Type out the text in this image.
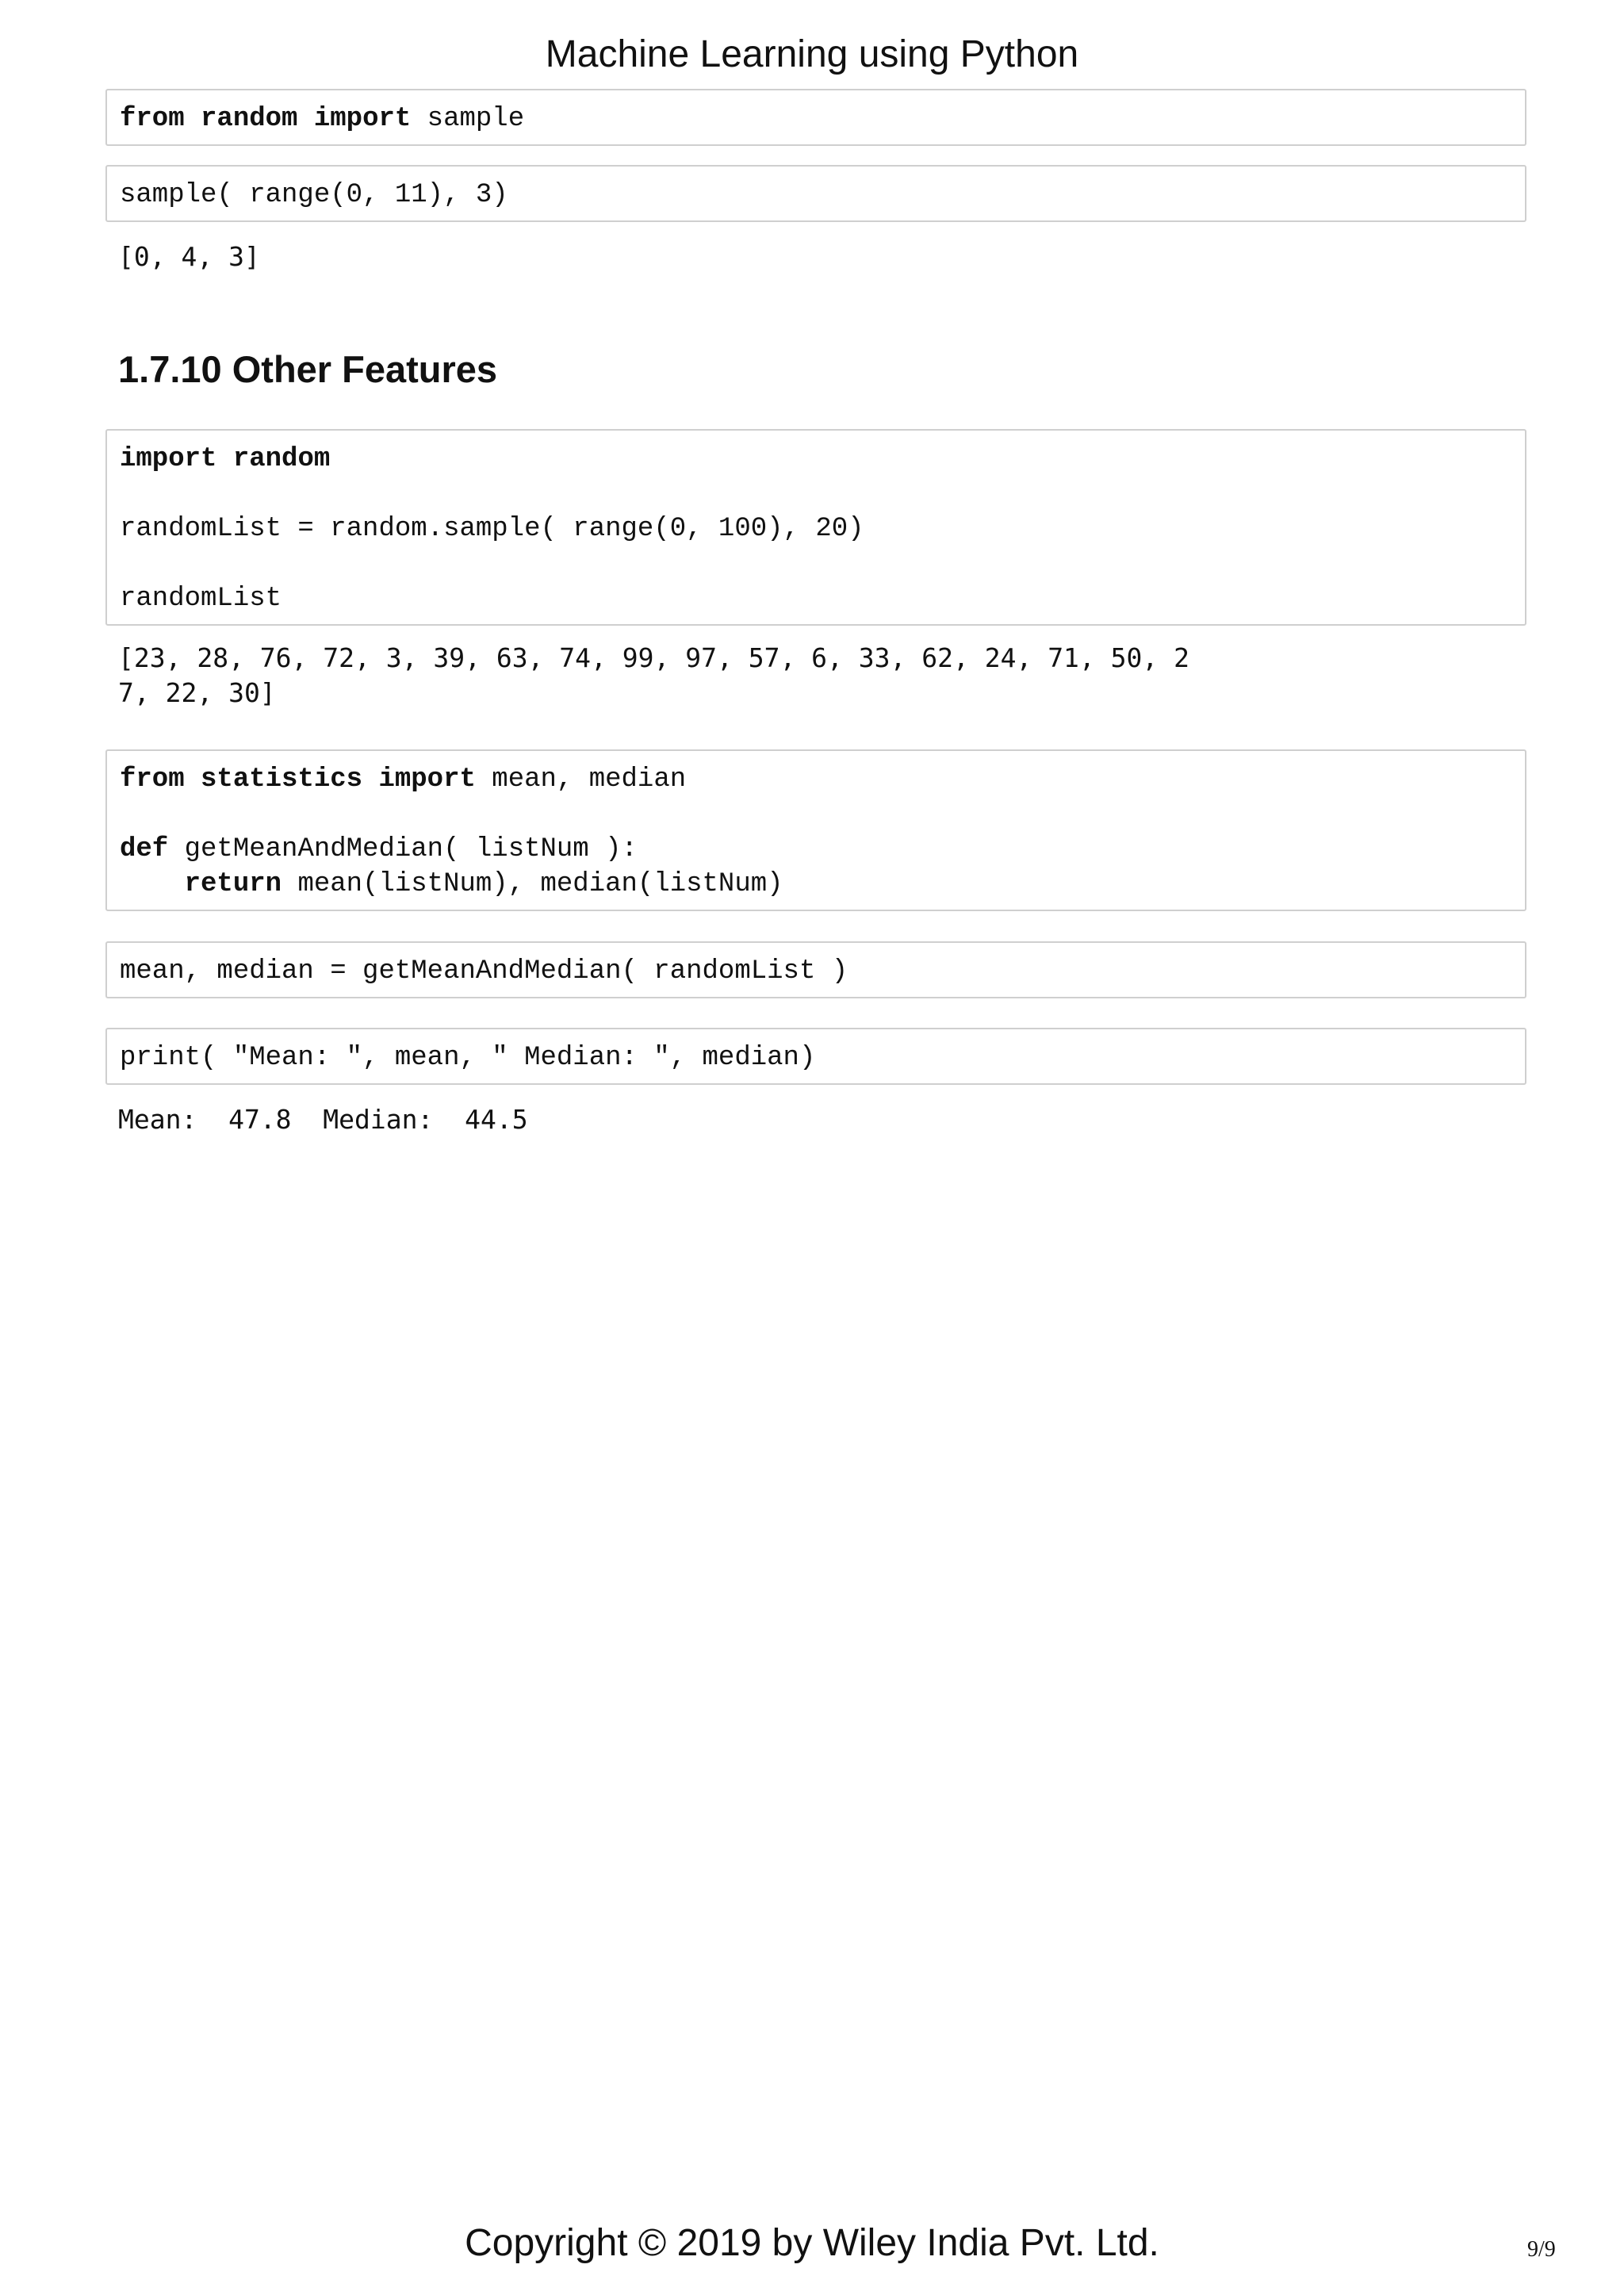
Machine Learning using Python
from random import sample
sample( range(0, 11), 3)
[0, 4, 3]
1.7.10 Other Features
import random

randomList = random.sample( range(0, 100), 20)

randomList
[23, 28, 76, 72, 3, 39, 63, 74, 99, 97, 57, 6, 33, 62, 24, 71, 50, 2
7, 22, 30]
from statistics import mean, median

def getMeanAndMedian( listNum ):
return mean(listNum), median(listNum)
mean, median = getMeanAndMedian( randomList )
print( "Mean: ", mean, " Median: ", median)
Mean:  47.8  Median:  44.5
Copyright © 2019 by Wiley India Pvt. Ltd.	9/9
